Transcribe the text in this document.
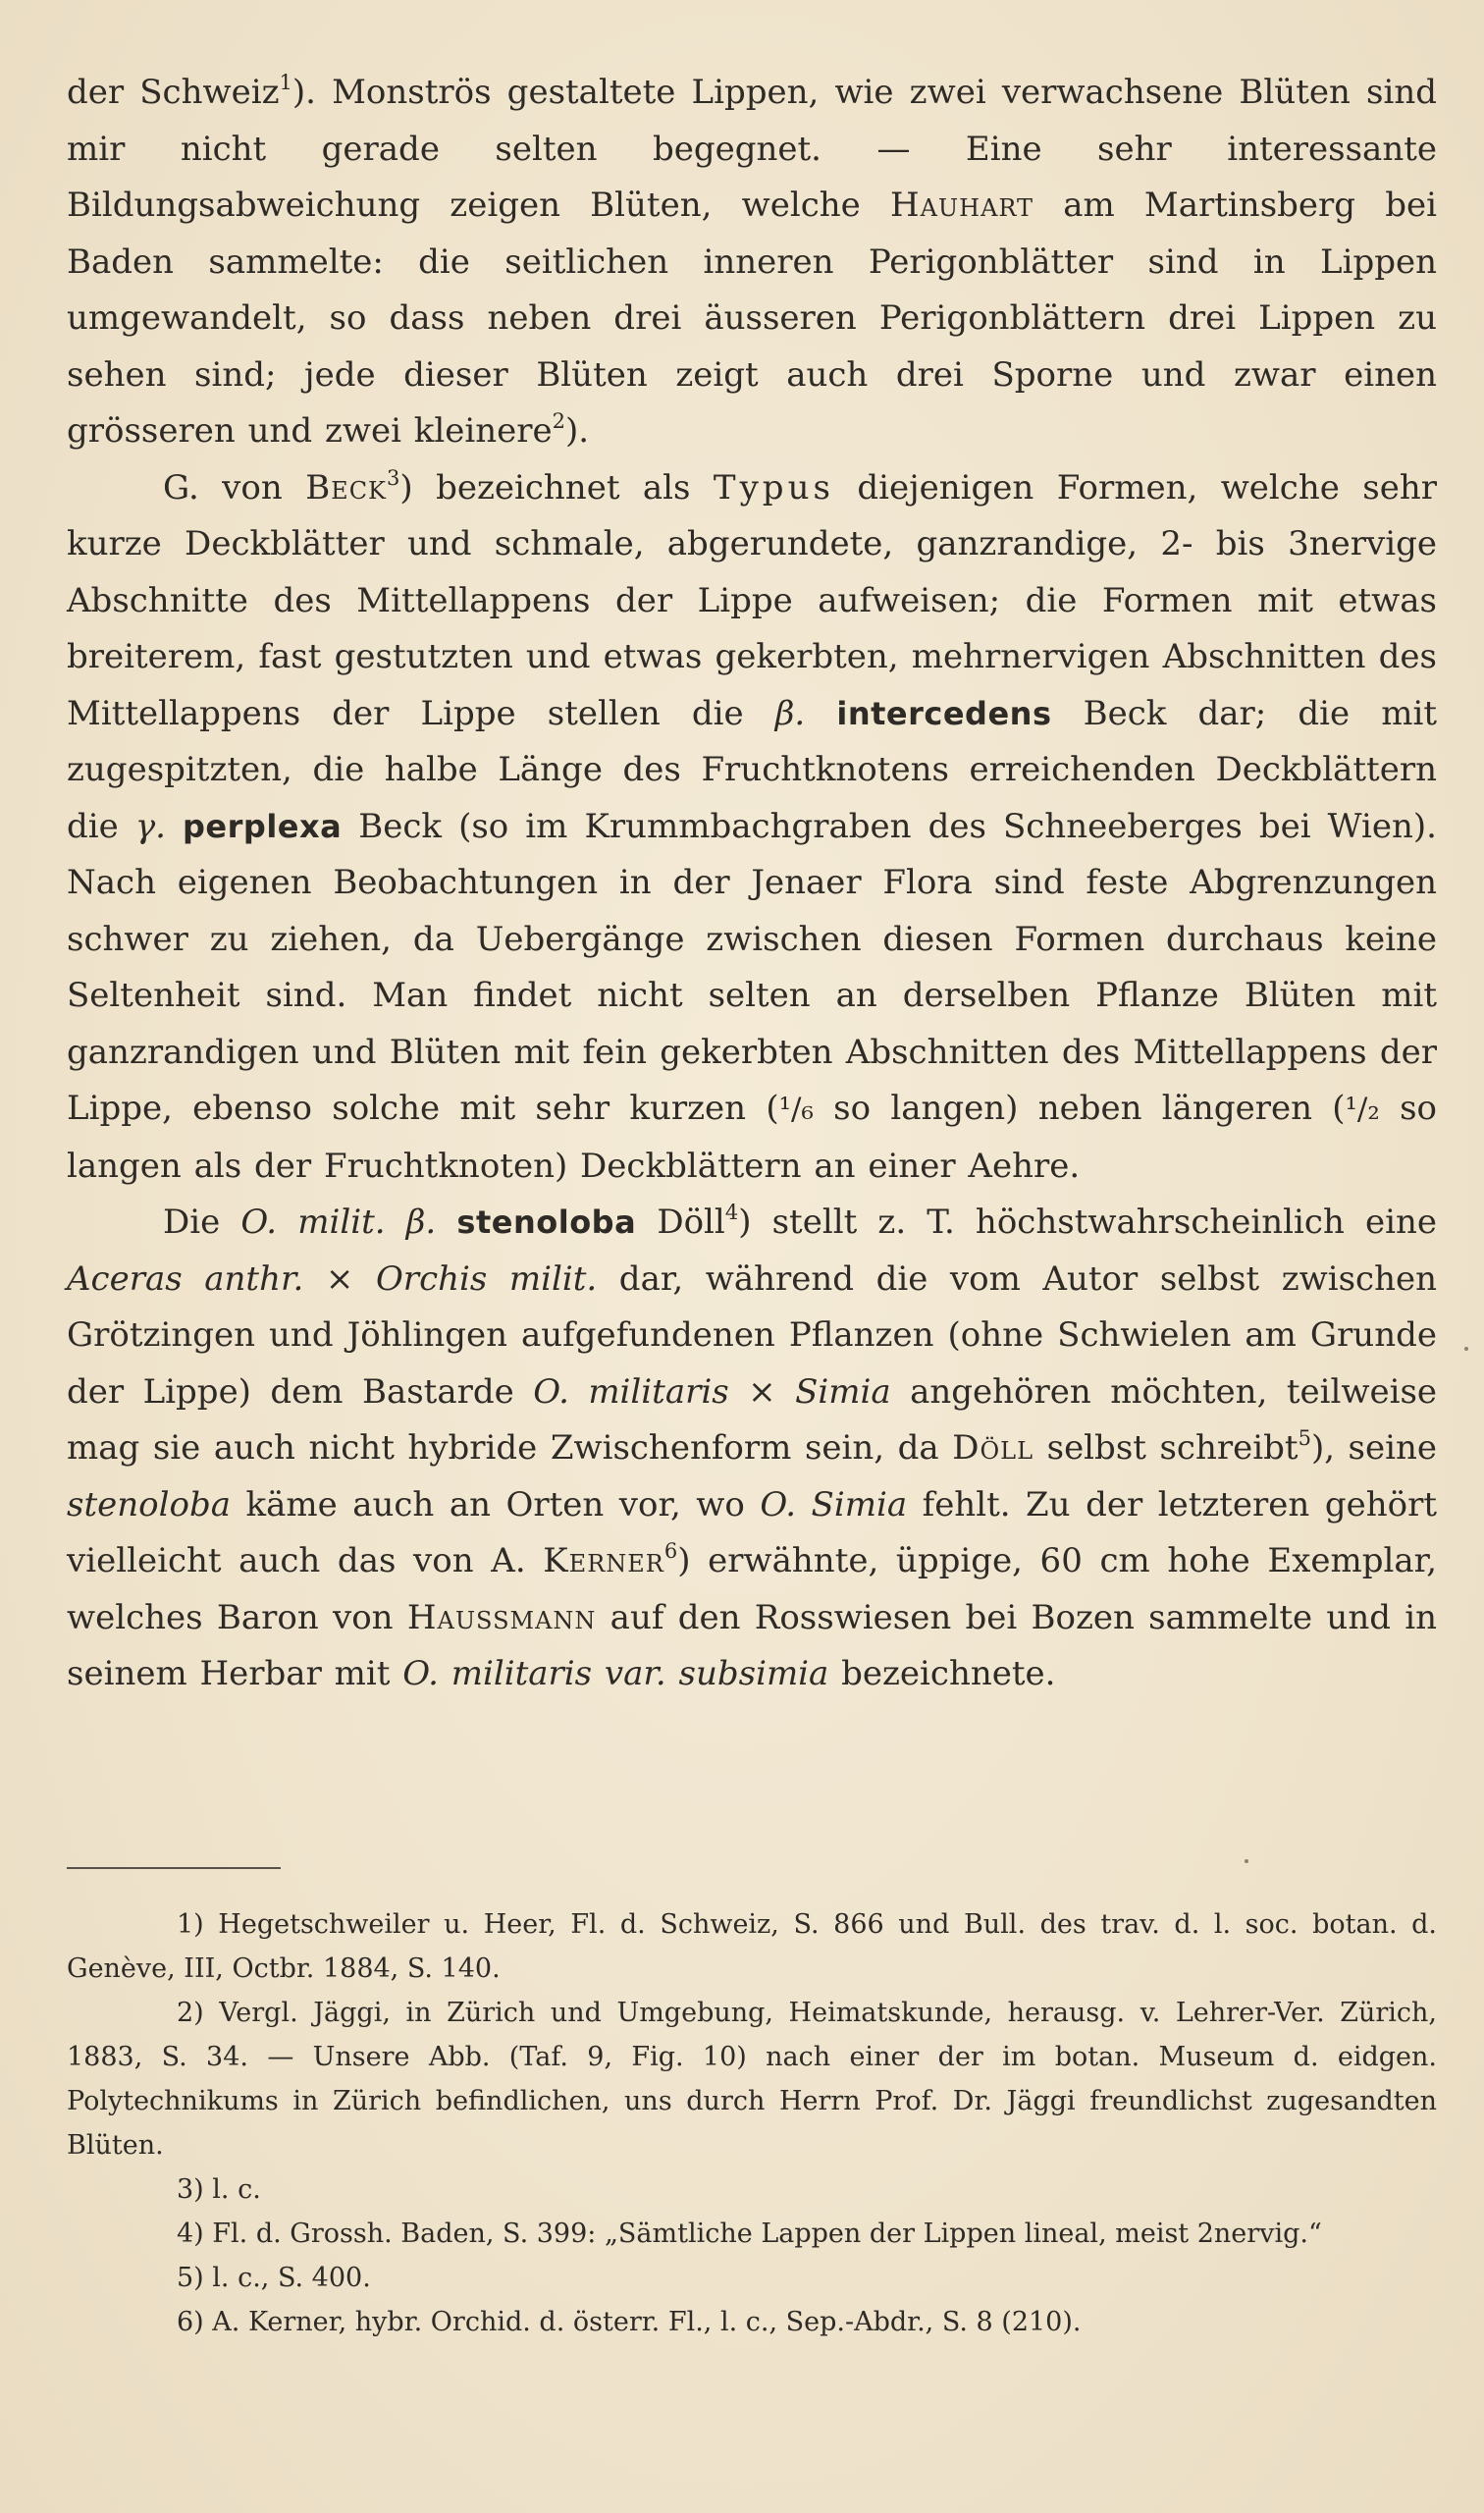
der Schweiz$^1$). Monströs gestaltete Lippen, wie zwei verwachsene Blüten sind mir nicht gerade selten begegnet. — Eine sehr interessante Bildungsabweichung zeigen Blüten, welche Hauhart am Martinsberg bei Baden sammelte: die seitlichen inneren Perigonblätter sind in Lippen umgewandelt, so dass neben drei äusseren Perigonblättern drei Lippen zu sehen sind; jede dieser Blüten zeigt auch drei Sporne und zwar einen grösseren und zwei kleinere$^2$).

G. von Beck$^3$) bezeichnet als Typus diejenigen Formen, welche sehr kurze Deckblätter und schmale, abgerundete, ganzrandige, 2- bis 3nervige Abschnitte des Mittellappens der Lippe aufweisen; die Formen mit etwas breiterem, fast gestutzten und etwas gekerbten, mehrnervigen Abschnitten des Mittellappens der Lippe stellen die β. intercedens Beck dar; die mit zugespitzten, die halbe Länge des Fruchtknotens erreichenden Deckblättern die γ. perplexa Beck (so im Krummbachgraben des Schneeberges bei Wien). Nach eigenen Beobachtungen in der Jenaer Flora sind feste Abgrenzungen schwer zu ziehen, da Uebergänge zwischen diesen Formen durchaus keine Seltenheit sind. Man findet nicht selten an derselben Pflanze Blüten mit ganzrandigen und Blüten mit fein gekerbten Abschnitten des Mittellappens der Lippe, ebenso solche mit sehr kurzen (¹/₆ so langen) neben längeren (¹/₂ so langen als der Fruchtknoten) Deckblättern an einer Aehre.

Die O. milit. β. stenoloba Döll$^4$) stellt z. T. höchstwahrscheinlich eine Aceras anthr. × Orchis milit. dar, während die vom Autor selbst zwischen Grötzingen und Jöhlingen aufgefundenen Pflanzen (ohne Schwielen am Grunde der Lippe) dem Bastarde O. militaris × Simia angehören möchten, teilweise mag sie auch nicht hybride Zwischenform sein, da Döll selbst schreibt$^5$), seine stenoloba käme auch an Orten vor, wo O. Simia fehlt. Zu der letzteren gehört vielleicht auch das von A. Kerner$^6$) erwähnte, üppige, 60 cm hohe Exemplar, welches Baron von Haussmann auf den Rosswiesen bei Bozen sammelte und in seinem Herbar mit O. militaris var. subsimia bezeichnete.

1) Hegetschweiler u. Heer, Fl. d. Schweiz, S. 866 und Bull. des trav. d. l. soc. botan. d. Genève, III, Octbr. 1884, S. 140.

2) Vergl. Jäggi, in Zürich und Umgebung, Heimatskunde, herausg. v. Lehrer-Ver. Zürich, 1883, S. 34. — Unsere Abb. (Taf. 9, Fig. 10) nach einer der im botan. Museum d. eidgen. Polytechnikums in Zürich befindlichen, uns durch Herrn Prof. Dr. Jäggi freundlichst zugesandten Blüten.

3) l. c.

4) Fl. d. Grossh. Baden, S. 399: „Sämtliche Lappen der Lippen lineal, meist 2nervig.“

5) l. c., S. 400.

6) A. Kerner, hybr. Orchid. d. österr. Fl., l. c., Sep.-Abdr., S. 8 (210).
